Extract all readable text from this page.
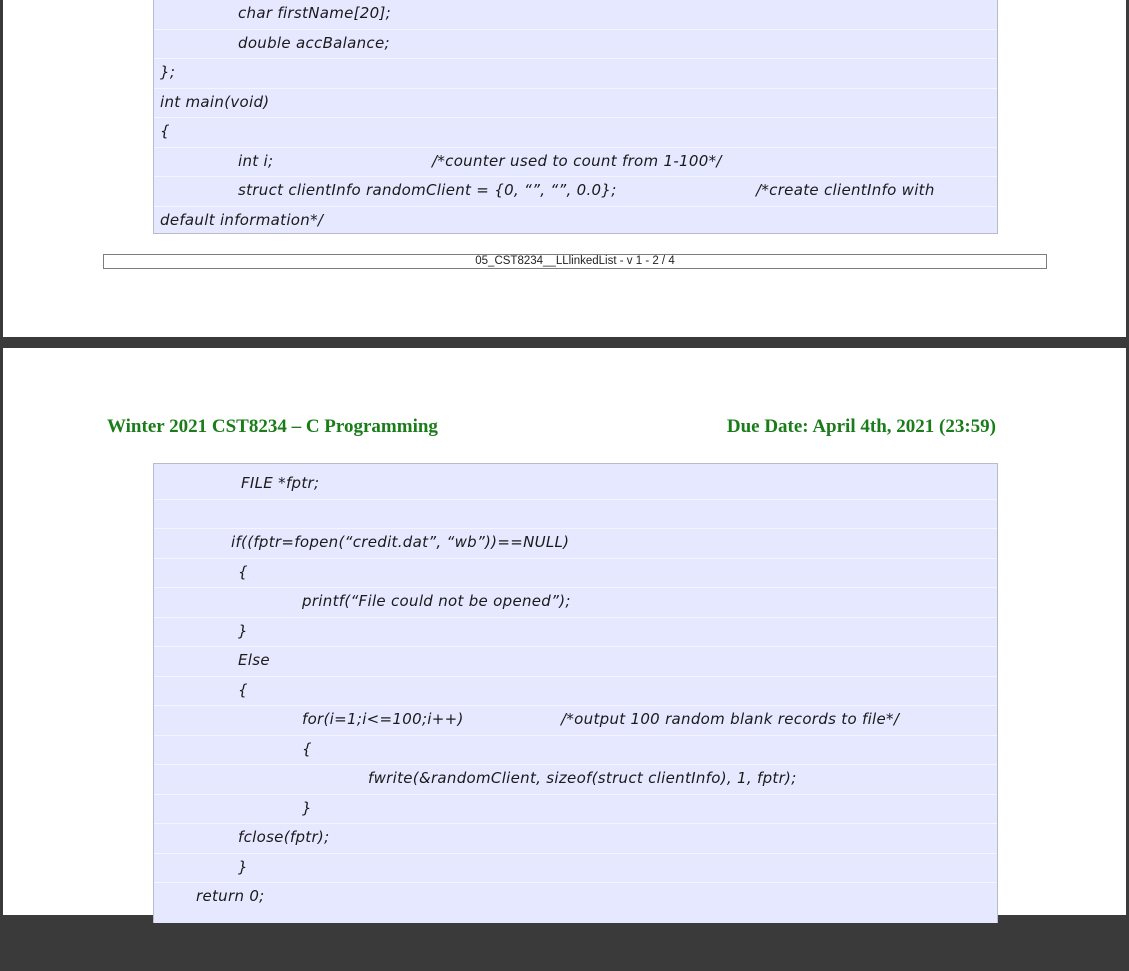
char firstName[20];

double accBalance;

};

int main(void)

{

int i;

	/*counter used to count from 1-100*/

struct clientInfo randomClient = {0, “”, “”, 0.0};

	/*create clientInfo with

default information*/

05_CST8234__LLlinkedList - v 1 - 2 / 4
Winter 2021 CST8234 – C Programming	Due Date: April 4th, 2021 (23:59)

FILE *fptr;

if((fptr=fopen(“credit.dat”, “wb”))==NULL)

{

printf(“File could not be opened”);

}

Else

{

for(i=1;i<=100;i++)

	/*output 100 random blank records to file*/

{

fwrite(&randomClient, sizeof(struct clientInfo), 1, fptr);

}

fclose(fptr);

}

return 0;
